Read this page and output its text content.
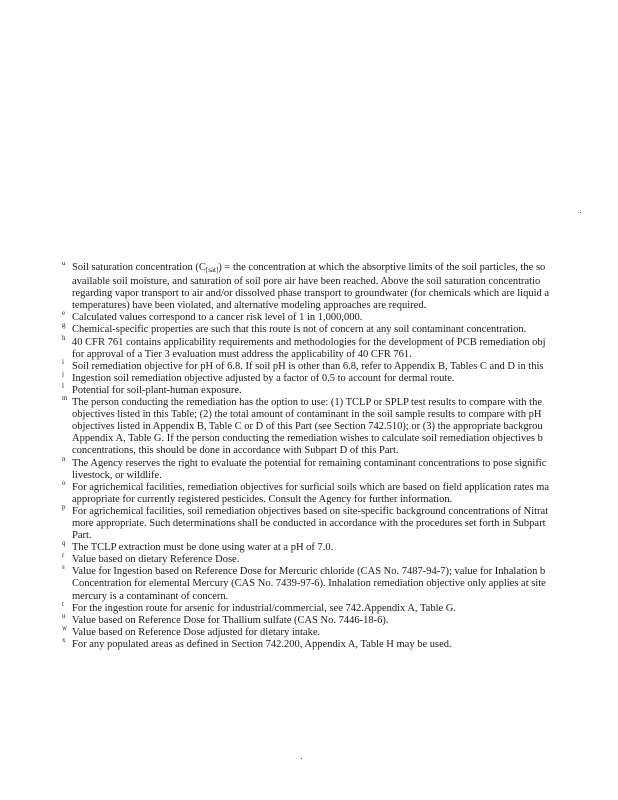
d Soil saturation concentration $(C_{[sat]})$ = the concentration at which the absorptive limits of the soil particles, the so
available soil moisture, and saturation of soil pore air have been reached. Above the soil saturation concentratio
regarding vapor transport to air and/or dissolved phase transport to groundwater (for chemicals which are liquid a
temperatures) have been violated, and alternative modeling approaches are required.
e Calculated values correspond to a cancer risk level of 1 in 1,000,000.
g Chemical-specific properties are such that this route is not of concern at any soil contaminant concentration.
h 40 CFR 761 contains applicability requirements and methodologies for the development of PCB remediation obj
for approval of a Tier 3 evaluation must address the applicability of 40 CFR 761.
i Soil remediation objective for pH of 6.8. If soil pH is other than 6.8, refer to Appendix B, Tables C and D in this
j Ingestion soil remediation objective adjusted by a factor of 0.5 to account for dermal route.
l Potential for soil-plant-human exposure.
m The person conducting the remediation has the option to use: (1) TCLP or SPLP test results to compare with the
objectives listed in this Table; (2) the total amount of contaminant in the soil sample results to compare with pH
objectives listed in Appendix B, Table C or D of this Part (see Section 742.510); or (3) the appropriate backgrou
Appendix A, Table G. If the person conducting the remediation wishes to calculate soil remediation objectives b
concentrations, this should be done in accordance with Subpart D of this Part.
n The Agency reserves the right to evaluate the potential for remaining contaminant concentrations to pose signific
livestock, or wildlife.
o For agrichemical facilities, remediation objectives for surficial soils which are based on field application rates ma
appropriate for currently registered pesticides. Consult the Agency for further information.
p For agrichemical facilities, soil remediation objectives based on site-specific background concentrations of Nitrat
more appropriate. Such determinations shall be conducted in accordance with the procedures set forth in Subpart
Part.
q The TCLP extraction must be done using water at a pH of 7.0.
r Value based on dietary Reference Dose.
s Value for Ingestion based on Reference Dose for Mercuric chloride (CAS No. 7487-94-7); value for Inhalation b
Concentration for elemental Mercury (CAS No. 7439-97-6). Inhalation remediation objective only applies at site
mercury is a contaminant of concern.
t For the ingestion route for arsenic for industrial/commercial, see 742.Appendix A, Table G.
u Value based on Reference Dose for Thallium sulfate (CAS No. 7446-18-6).
w Value based on Reference Dose adjusted for dietary intake.
x For any populated areas as defined in Section 742.200, Appendix A, Table H may be used.
